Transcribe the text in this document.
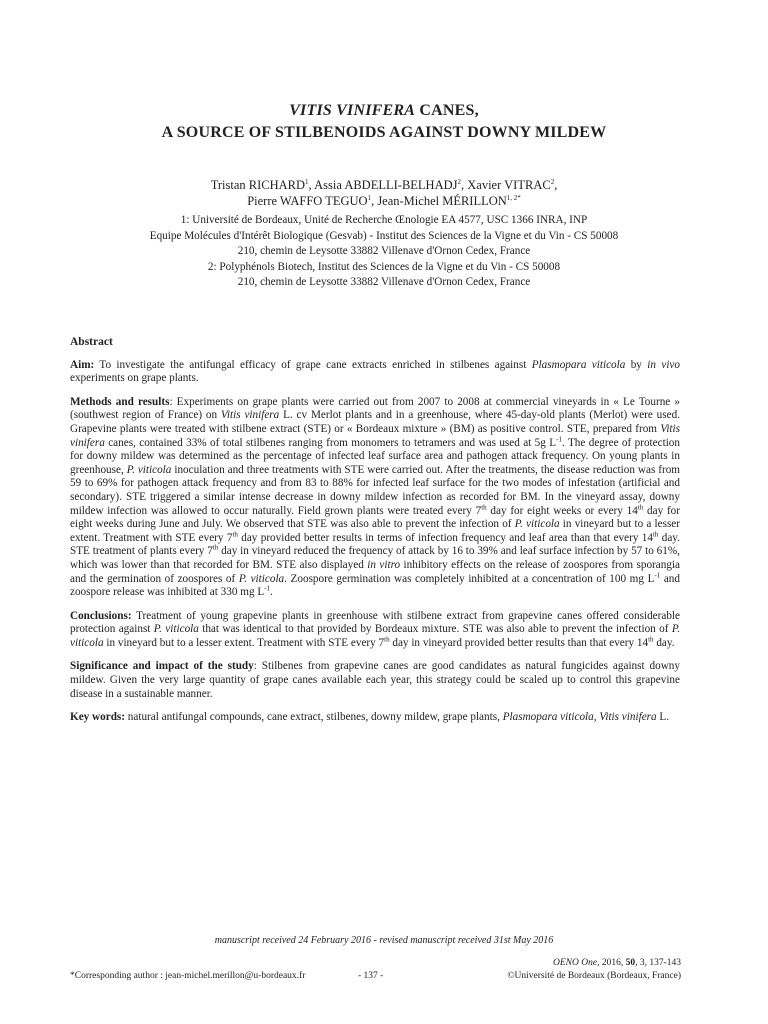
VITIS VINIFERA CANES,
A SOURCE OF STILBENOIDS AGAINST DOWNY MILDEW
Tristan RICHARD$^1$, Assia ABDELLI-BELHADJ$^2$, Xavier VITRAC$^2$,
Pierre WAFFO TEGUO$^1$, Jean-Michel $MÉRILLON^{1, 2*}$
1: Université de Bordeaux, Unité de Recherche Œnologie EA 4577, USC 1366 INRA, INP
Equipe Molécules d'Intérêt Biologique (Gesvab) - Institut des Sciences de la Vigne et du Vin - CS 50008
210, chemin de Leysotte 33882 Villenave d'Ornon Cedex, France
2: Polyphénols Biotech, Institut des Sciences de la Vigne et du Vin - CS 50008
210, chemin de Leysotte 33882 Villenave d'Ornon Cedex, France
Abstract

Aim: To investigate the antifungal efficacy of grape cane extracts enriched in stilbenes against Plasmopara viticola by in vivo experiments on grape plants.

Methods and results: Experiments on grape plants were carried out from 2007 to 2008 at commercial vineyards in « Le Tourne » (southwest region of France) on Vitis vinifera L. cv Merlot plants and in a greenhouse, where 45-day-old plants (Merlot) were used. Grapevine plants were treated with stilbene extract (STE) or « Bordeaux mixture » (BM) as positive control. STE, prepared from Vitis vinifera canes, contained 33% of total stilbenes ranging from monomers to tetramers and was used at 5g $L^{-1}$. The degree of protection for downy mildew was determined as the percentage of infected leaf surface area and pathogen attack frequency. On young plants in greenhouse, P. viticola inoculation and three treatments with STE were carried out. After the treatments, the disease reduction was from 59 to 69% for pathogen attack frequency and from 83 to 88% for infected leaf surface for the two modes of infestation (artificial and secondary). STE triggered a similar intense decrease in downy mildew infection as recorded for BM. In the vineyard assay, downy mildew infection was allowed to occur naturally. Field grown plants were treated every 7th day for eight weeks or every 14th day for eight weeks during June and July. We observed that STE was also able to prevent the infection of P. viticola in vineyard but to a lesser extent. Treatment with STE every 7th day provided better results in terms of infection frequency and leaf area than that every 14th day. STE treatment of plants every 7th day in vineyard reduced the frequency of attack by 16 to 39% and leaf surface infection by 57 to 61%, which was lower than that recorded for BM. STE also displayed in vitro inhibitory effects on the release of zoospores from sporangia and the germination of zoospores of P. viticola. Zoospore germination was completely inhibited at a concentration of 100 mg $L^{-1}$ and zoospore release was inhibited at 330 mg $L^{-1}$.

Conclusions: Treatment of young grapevine plants in greenhouse with stilbene extract from grapevine canes offered considerable protection against P. viticola that was identical to that provided by Bordeaux mixture. STE was also able to prevent the infection of P. viticola in vineyard but to a lesser extent. Treatment with STE every 7th day in vineyard provided better results than that every 14th day.

Significance and impact of the study: Stilbenes from grapevine canes are good candidates as natural fungicides against downy mildew. Given the very large quantity of grape canes available each year, this strategy could be scaled up to control this grapevine disease in a sustainable manner.

Key words: natural antifungal compounds, cane extract, stilbenes, downy mildew, grape plants, Plasmopara viticola, Vitis vinifera L.

manuscript received 24 February 2016 - revised manuscript received 31st May 2016
*Corresponding author : jean-michel.merillon@u-bordeaux.fr	- 137 -
OENO One, 2016, 50, 3, 137-143
©Université de Bordeaux (Bordeaux, France)
